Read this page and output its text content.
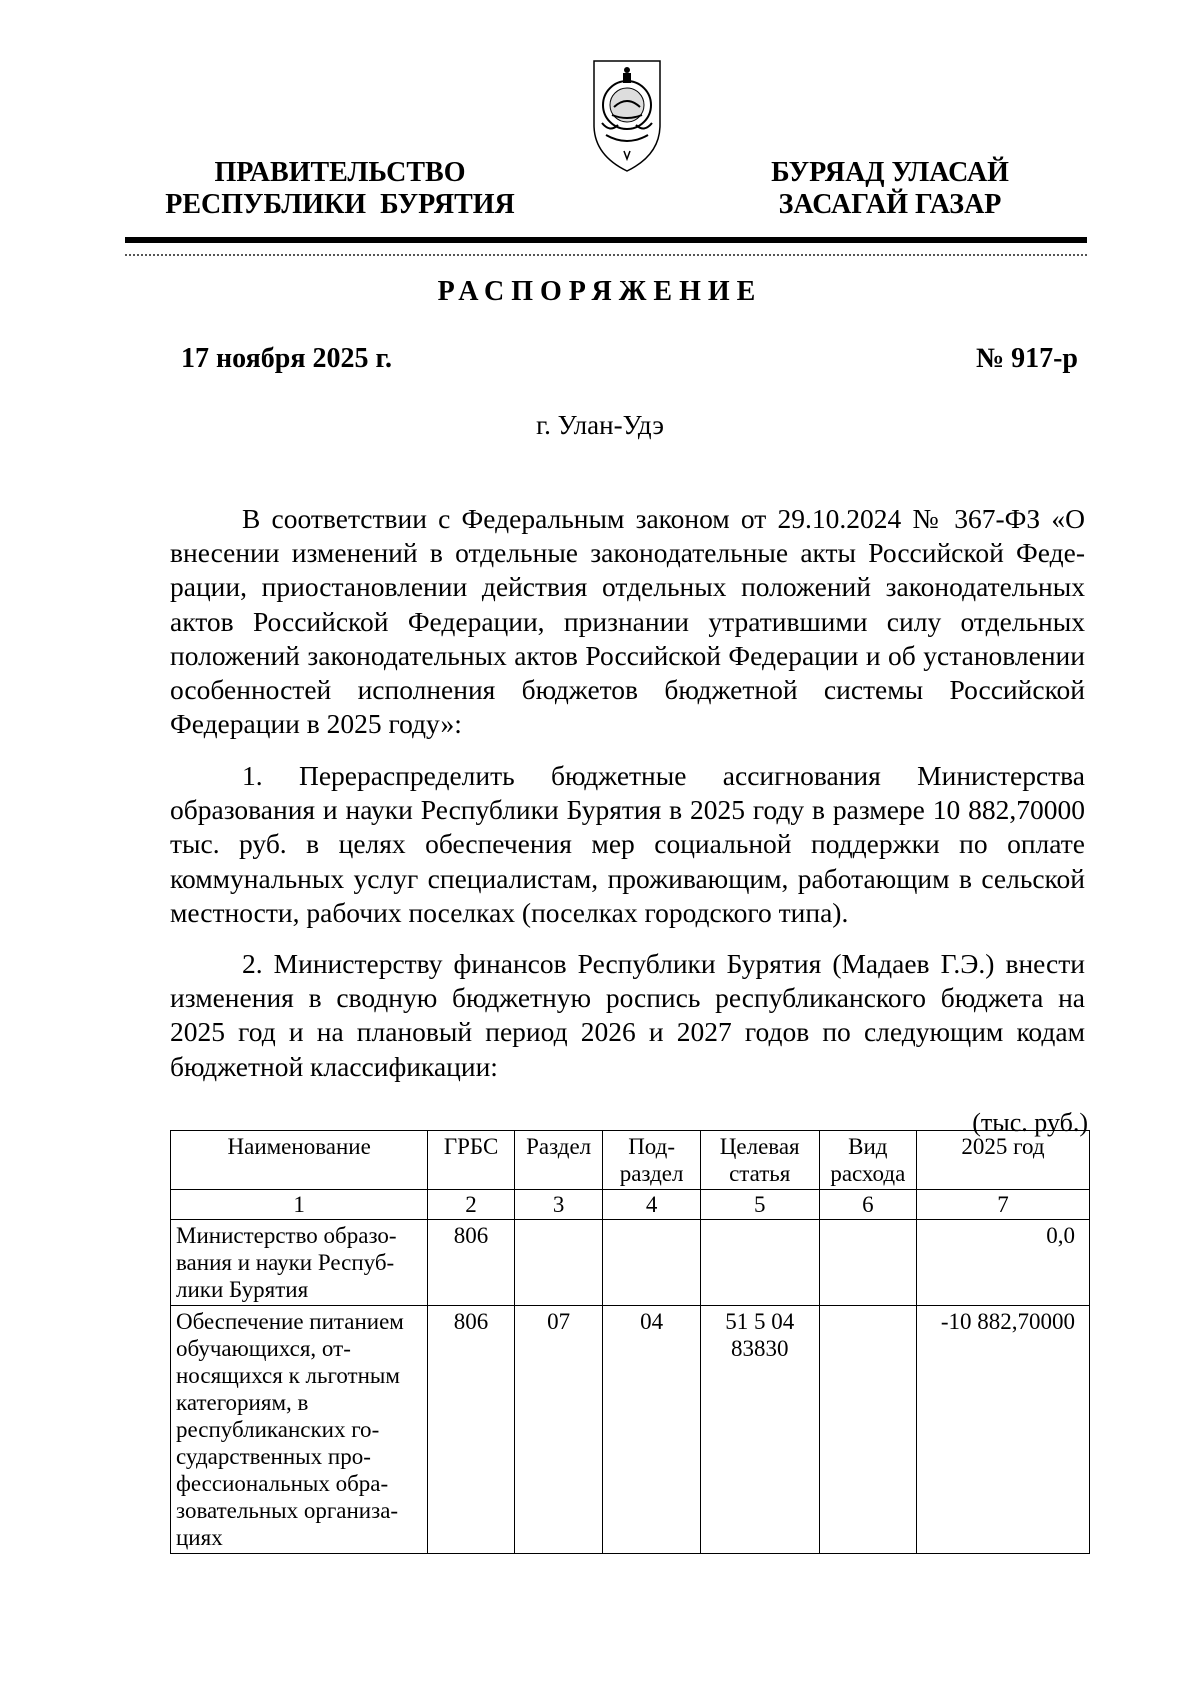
ПРАВИТЕЛЬСТВО
РЕСПУБЛИКИ  БУРЯТИЯ
БУРЯАД УЛАСАЙ
ЗАСАГАЙ ГАЗАР
РАСПОРЯЖЕНИЕ
17 ноября 2025 г.	№ 917-р
г. Улан-Удэ

В соответствии с Федеральным законом от 29.10.2024 № 367-ФЗ «О внесении изменений в отдельные законодательные акты Российской Федерации, приостановлении действия отдельных положений законодательных актов Российской Федерации, признании утратившими силу отдельных положений законодательных актов Российской Федерации и об установлении особенностей исполнения бюджетов бюджетной системы Российской Федерации в 2025 году»:

1. Перераспределить бюджетные ассигнования Министерства образования и науки Республики Бурятия в 2025 году в размере 10 882,70000 тыс. руб. в целях обеспечения мер социальной поддержки по оплате коммунальных услуг специалистам, проживающим, работающим в сельской местности, рабочих поселках (поселках городского типа).

2. Министерству финансов Республики Бурятия (Мадаев Г.Э.) внести изменения в сводную бюджетную роспись республиканского бюджета на 2025 год и на плановый период 2026 и 2027 годов по следующим кодам бюджетной классификации:

(тыс. руб.)
Наименование	ГРБС	Раздел	Подраздел	Целевая статья	Вид расхода	2025 год
1	2	3	4	5	6	7
Министерство образования и науки Республики Бурятия	806					0,0
Обеспечение питанием обучающихся, относящихся к льготным категориям, в республиканских государственных профессиональных образовательных организациях	806	07	04	51 5 04 83830		-10 882,70000
